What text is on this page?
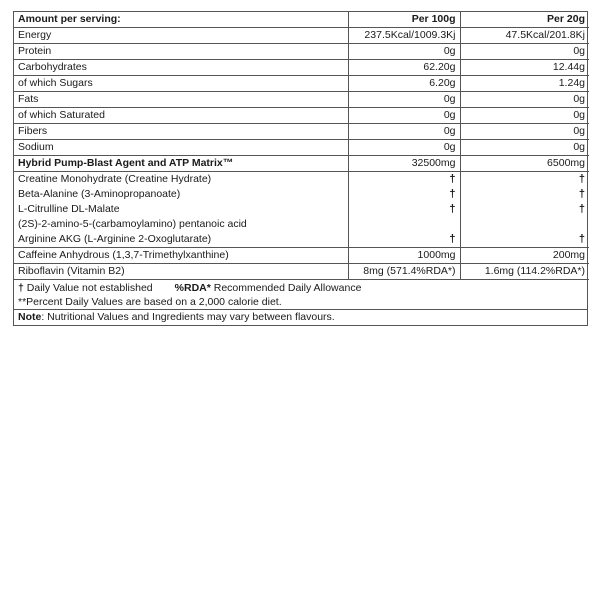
Amount per serving:	Per 100g	Per 20g
Energy	237.5Kcal/1009.3Kj	47.5Kcal/201.8Kj
Protein	0g	0g
Carbohydrates	62.20g	12.44g
of which Sugars	6.20g	1.24g
Fats	0g	0g
of which Saturated	0g	0g
Fibers	0g	0g
Sodium	0g	0g
Hybrid Pump-Blast Agent and ATP Matrix™	32500mg	6500mg
Creatine Monohydrate (Creatine Hydrate)	†	†
Beta-Alanine (3-Aminopropanoate)	†	†
L-Citrulline DL-Malate	†	†
(2S)-2-amino-5-(carbamoylamino) pentanoic acid		
Arginine AKG (L-Arginine 2-Oxoglutarate)	†	†
Caffeine Anhydrous (1,3,7-Trimethylxanthine)	1000mg	200mg
Riboflavin (Vitamin B2)	8mg (571.4%RDA*)	1.6mg (114.2%RDA*)
† Daily Value not established %RDA* Recommended Daily Allowance
**Percent Daily Values are based on a 2,000 calorie diet.
Note: Nutritional Values and Ingredients may vary between flavours.
